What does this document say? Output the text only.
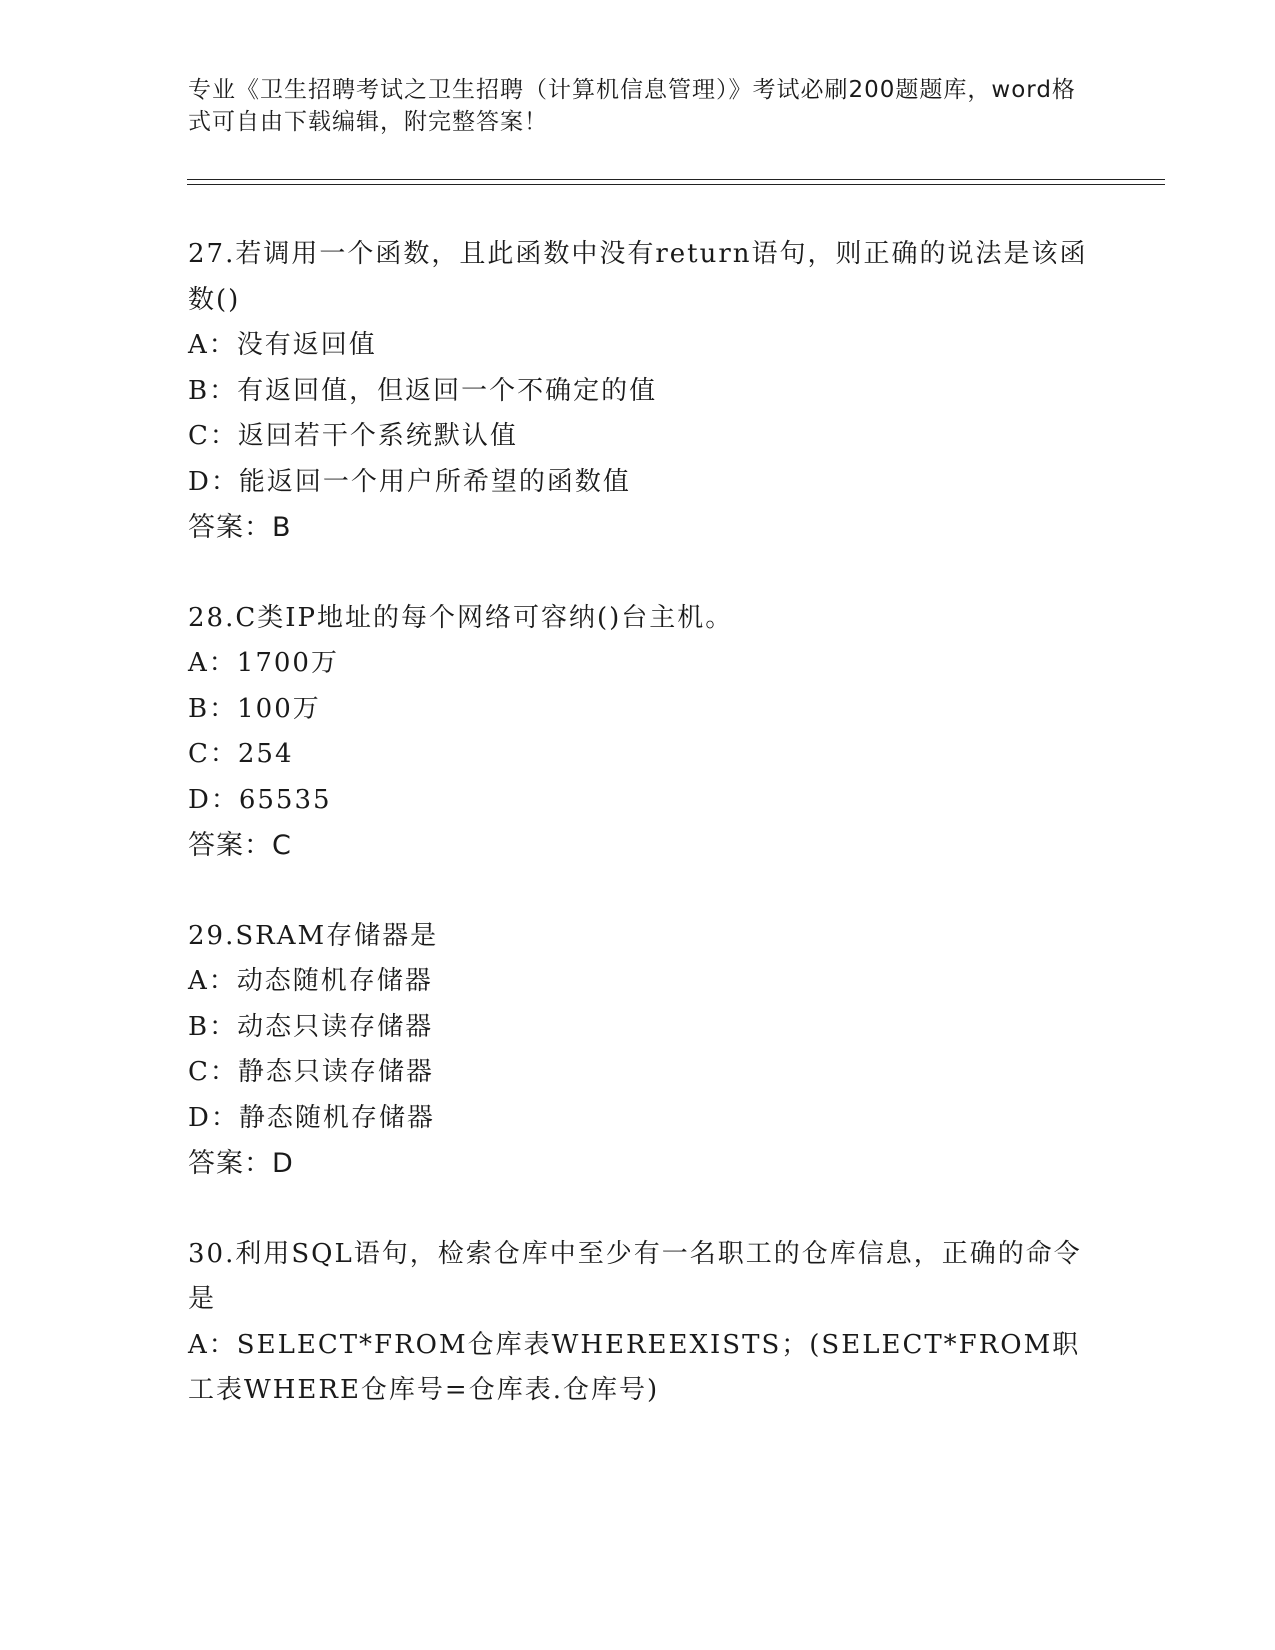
专业《卫生招聘考试之卫生招聘（计算机信息管理）》考试必刷200题题库，word格式可自由下载编辑，附完整答案！
27.若调用一个函数，且此函数中没有return语句，则正确的说法是该函数()
A：没有返回值
B：有返回值，但返回一个不确定的值
C：返回若干个系统默认值
D：能返回一个用户所希望的函数值
答案：B
28.C类IP地址的每个网络可容纳()台主机。
A：1700万
B：100万
C：254
D：65535
答案：C
29.SRAM存储器是
A：动态随机存储器
B：动态只读存储器
C：静态只读存储器
D：静态随机存储器
答案：D
30.利用SQL语句，检索仓库中至少有一名职工的仓库信息，正确的命令是
A：SELECT*FROM仓库表WHEREEXISTS；(SELECT*FROM职工表WHERE仓库号=仓库表.仓库号)
